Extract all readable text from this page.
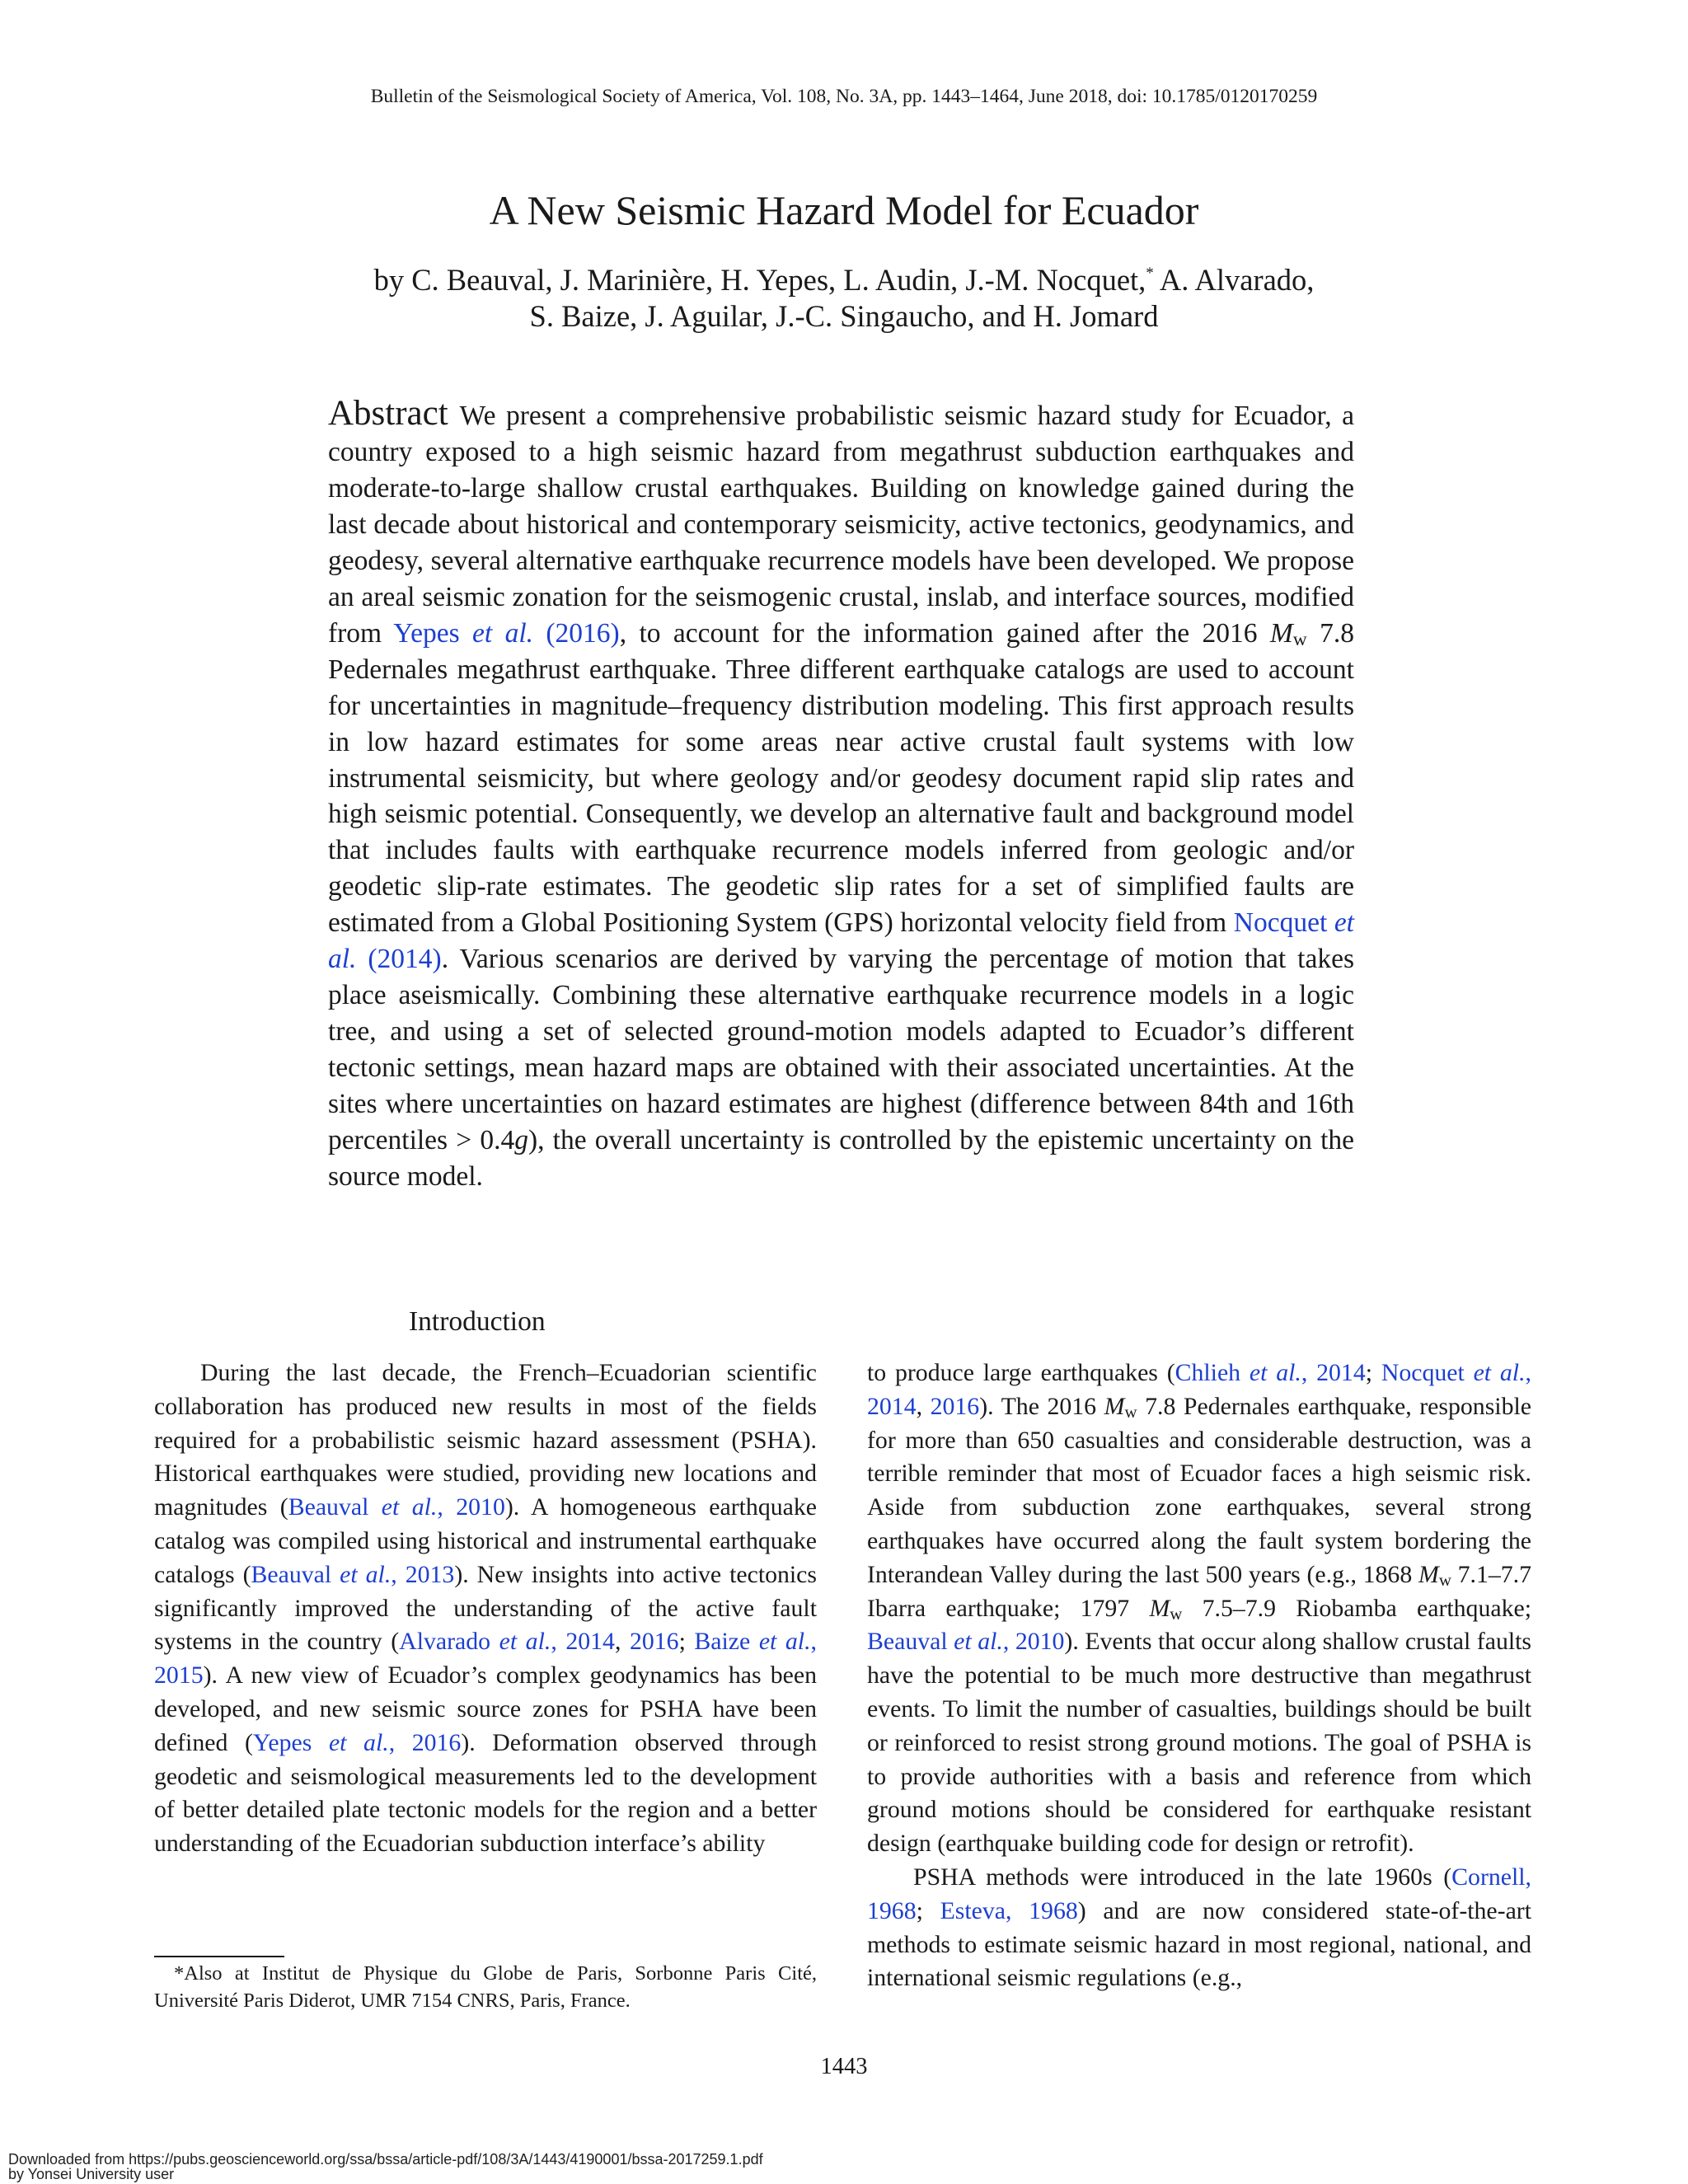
Bulletin of the Seismological Society of America, Vol. 108, No. 3A, pp. 1443–1464, June 2018, doi: 10.1785/0120170259
A New Seismic Hazard Model for Ecuador
by C. Beauval, J. Marinière, H. Yepes, L. Audin, J.-M. Nocquet,* A. Alvarado,
S. Baize, J. Aguilar, J.-C. Singaucho, and H. Jomard
Abstract We present a comprehensive probabilistic seismic hazard study for Ecuador, a country exposed to a high seismic hazard from megathrust subduction earthquakes and moderate-to-large shallow crustal earthquakes. Building on knowledge gained during the last decade about historical and contemporary seismicity, active tectonics, geodynamics, and geodesy, several alternative earthquake recurrence models have been developed. We propose an areal seismic zonation for the seismogenic crustal, inslab, and interface sources, modified from Yepes et al. (2016), to account for the information gained after the 2016 Mw 7.8 Pedernales megathrust earthquake. Three different earthquake catalogs are used to account for uncertainties in magnitude–frequency distribution modeling. This first approach results in low hazard estimates for some areas near active crustal fault systems with low instrumental seismicity, but where geology and/or geodesy document rapid slip rates and high seismic potential. Consequently, we develop an alternative fault and background model that includes faults with earthquake recurrence models inferred from geologic and/or geodetic slip-rate estimates. The geodetic slip rates for a set of simplified faults are estimated from a Global Positioning System (GPS) horizontal velocity field from Nocquet et al. (2014). Various scenarios are derived by varying the percentage of motion that takes place aseismically. Combining these alternative earthquake recurrence models in a logic tree, and using a set of selected ground-motion models adapted to Ecuador’s different tectonic settings, mean hazard maps are obtained with their associated uncertainties. At the sites where uncertainties on hazard estimates are highest (difference between 84th and 16th percentiles > 0.4g), the overall uncertainty is controlled by the epistemic uncertainty on the source model.
Introduction

During the last decade, the French–Ecuadorian scientific collaboration has produced new results in most of the fields required for a probabilistic seismic hazard assessment (PSHA). Historical earthquakes were studied, providing new locations and magnitudes (Beauval et al., 2010). A homogeneous earthquake catalog was compiled using historical and instrumental earthquake catalogs (Beauval et al., 2013). New insights into active tectonics significantly improved the understanding of the active fault systems in the country (Alvarado et al., 2014, 2016; Baize et al., 2015). A new view of Ecuador’s complex geodynamics has been developed, and new seismic source zones for PSHA have been defined (Yepes et al., 2016). Deformation observed through geodetic and seismological measurements led to the development of better detailed plate tectonic models for the region and a better understanding of the Ecuadorian subduction interface’s ability

to produce large earthquakes (Chlieh et al., 2014; Nocquet et al., 2014, 2016). The 2016 Mw 7.8 Pedernales earthquake, responsible for more than 650 casualties and considerable destruction, was a terrible reminder that most of Ecuador faces a high seismic risk. Aside from subduction zone earthquakes, several strong earthquakes have occurred along the fault system bordering the Interandean Valley during the last 500 years (e.g., 1868 Mw 7.1–7.7 Ibarra earthquake; 1797 Mw 7.5–7.9 Riobamba earthquake; Beauval et al., 2010). Events that occur along shallow crustal faults have the potential to be much more destructive than megathrust events. To limit the number of casualties, buildings should be built or reinforced to resist strong ground motions. The goal of PSHA is to provide authorities with a basis and reference from which ground motions should be considered for earthquake resistant design (earthquake building code for design or retrofit).

PSHA methods were introduced in the late 1960s (Cornell, 1968; Esteva, 1968) and are now considered state-of-the-art methods to estimate seismic hazard in most regional, national, and international seismic regulations (e.g.,

*Also at Institut de Physique du Globe de Paris, Sorbonne Paris Cité, Université Paris Diderot, UMR 7154 CNRS, Paris, France.
1443
Downloaded from https://pubs.geoscienceworld.org/ssa/bssa/article-pdf/108/3A/1443/4190001/bssa-2017259.1.pdf
by Yonsei University user
